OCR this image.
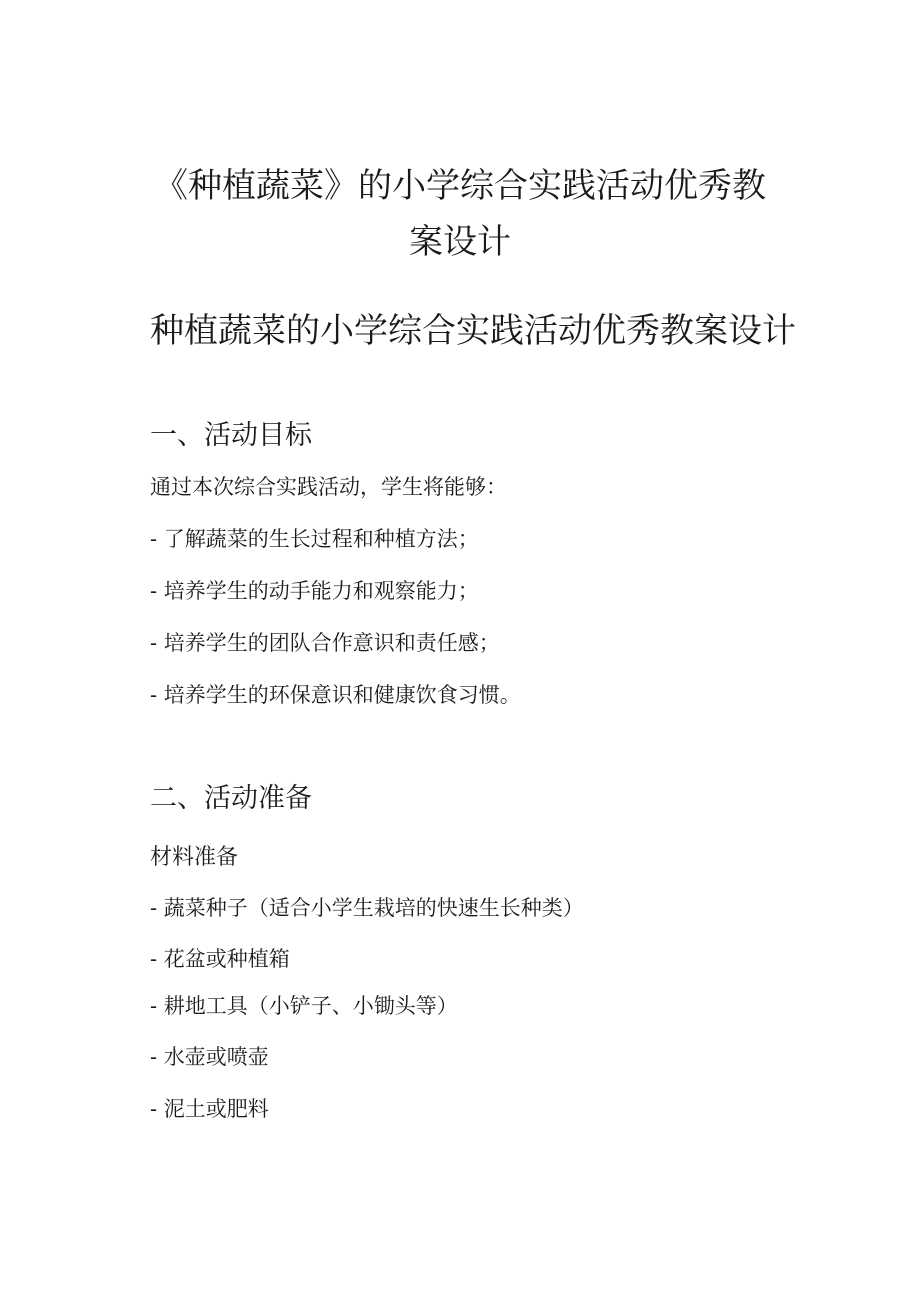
《种植蔬菜》的小学综合实践活动优秀教
案设计
种植蔬菜的小学综合实践活动优秀教案设计
一、活动目标

通过本次综合实践活动，学生将能够：

- 了解蔬菜的生长过程和种植方法；

- 培养学生的动手能力和观察能力；

- 培养学生的团队合作意识和责任感；

- 培养学生的环保意识和健康饮食习惯。

二、活动准备
材料准备

- 蔬菜种子（适合小学生栽培的快速生长种类）

- 花盆或种植箱

- 耕地工具（小铲子、小锄头等）

- 水壶或喷壶

- 泥土或肥料
